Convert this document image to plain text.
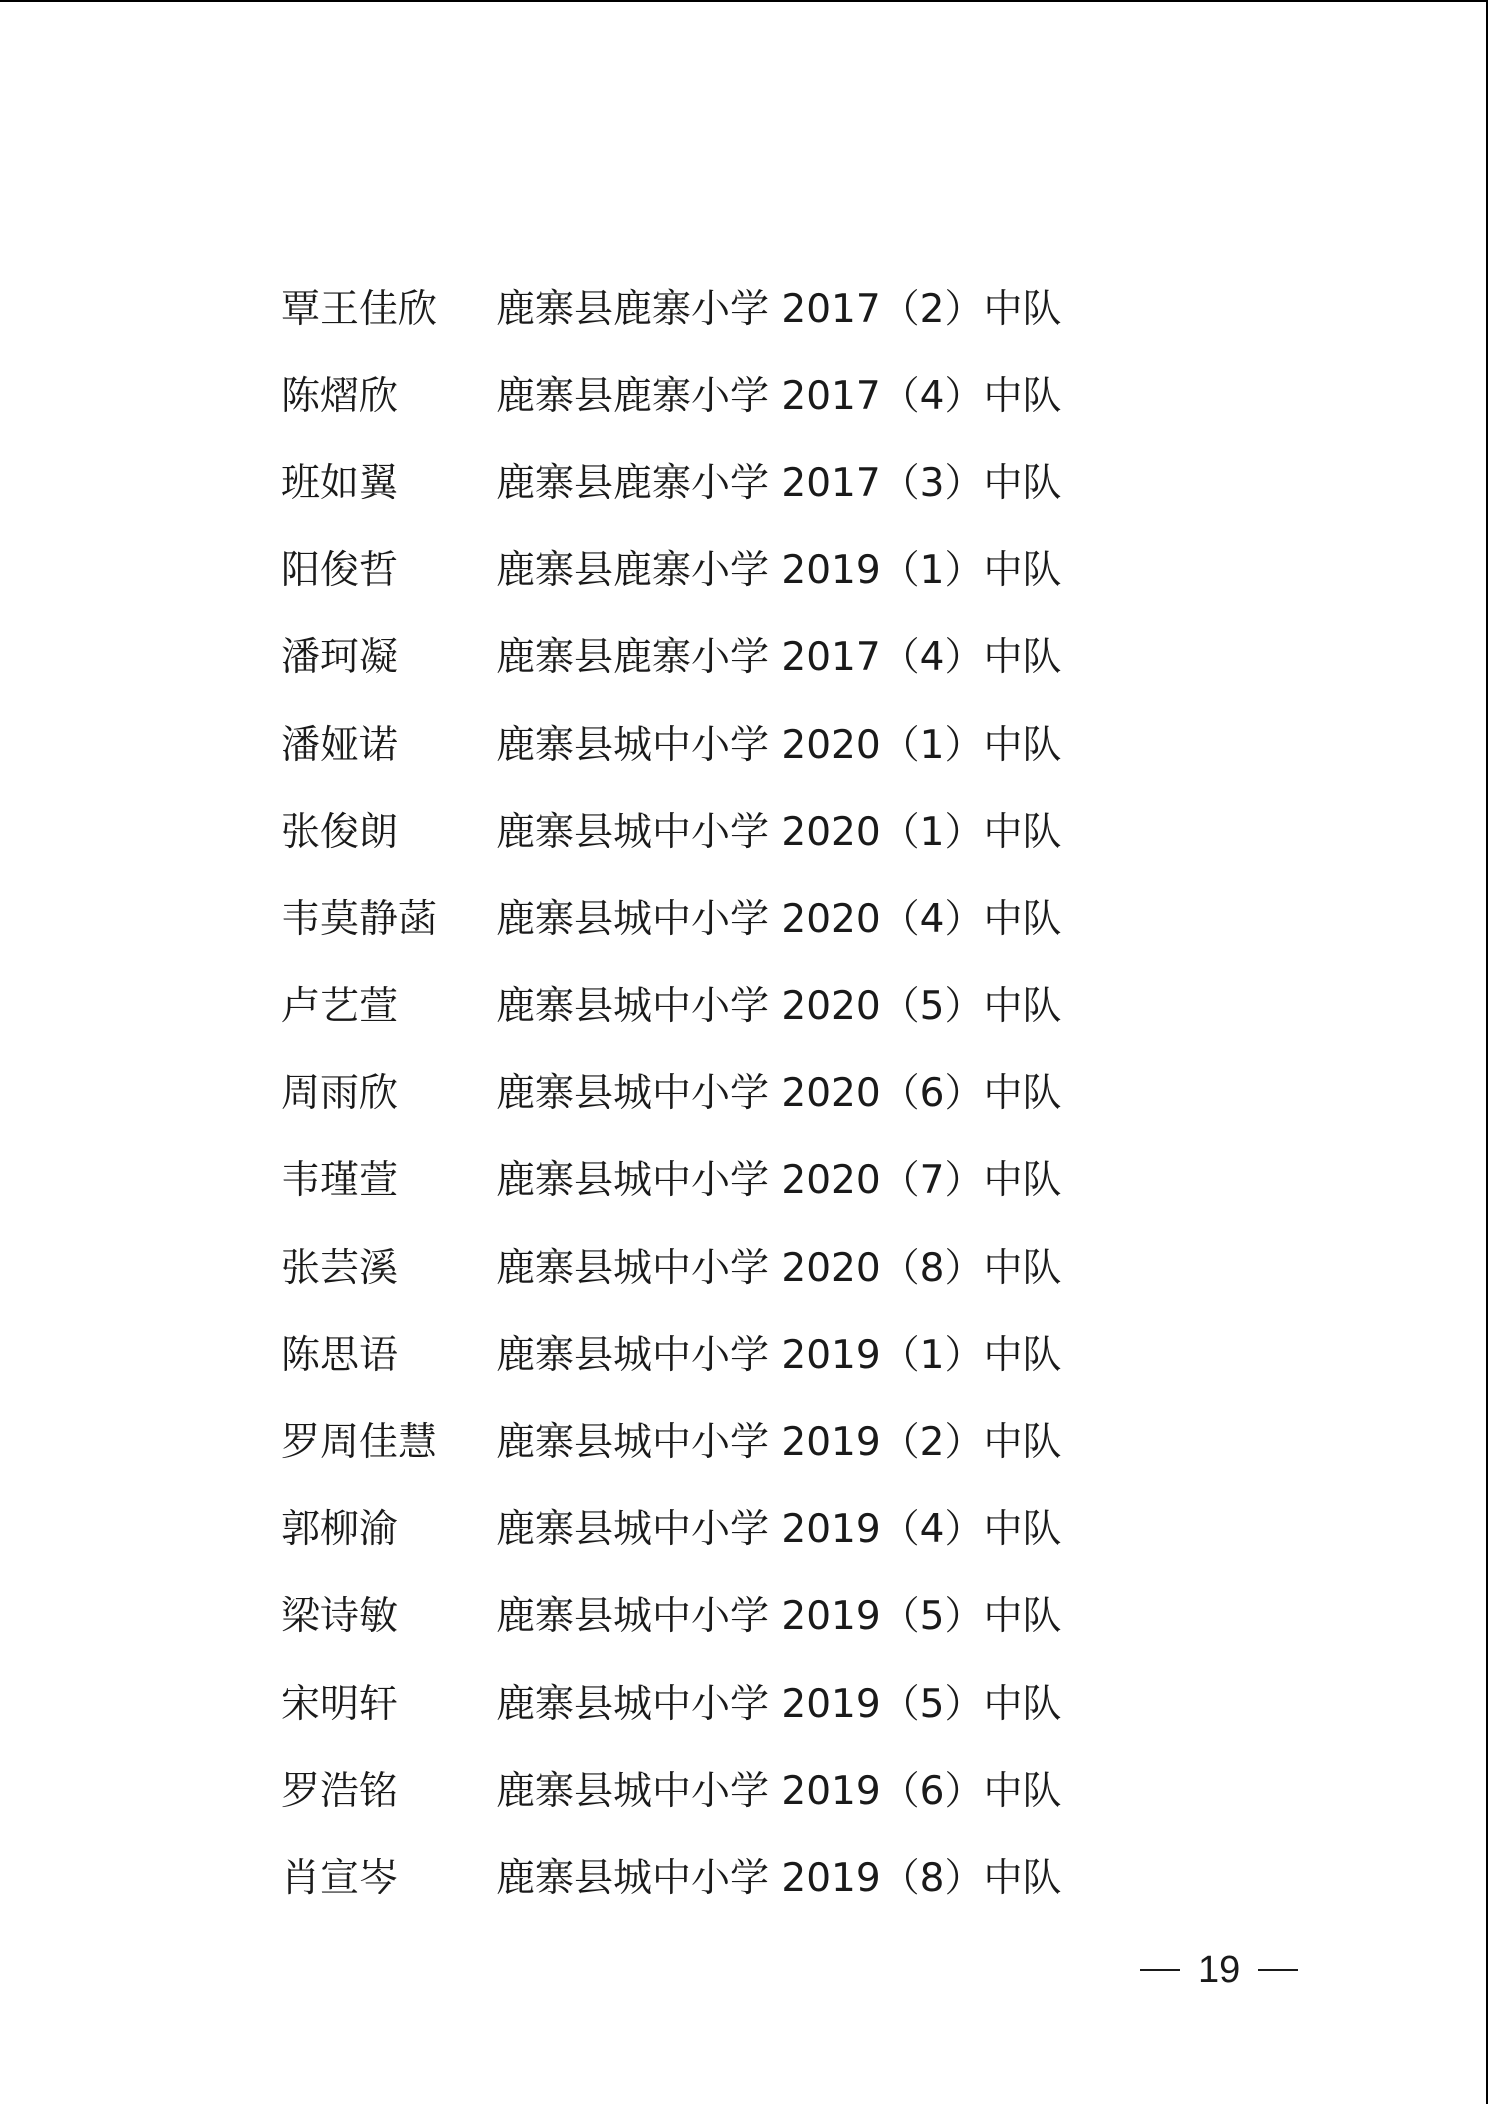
覃王佳欣	鹿寨县鹿寨小学 2017（2）中队
陈熠欣	鹿寨县鹿寨小学 2017（4）中队
班如翼	鹿寨县鹿寨小学 2017（3）中队
阳俊哲	鹿寨县鹿寨小学 2019（1）中队
潘珂凝	鹿寨县鹿寨小学 2017（4）中队
潘娅诺	鹿寨县城中小学 2020（1）中队
张俊朗	鹿寨县城中小学 2020（1）中队
韦莫静菡	鹿寨县城中小学 2020（4）中队
卢艺萱	鹿寨县城中小学 2020（5）中队
周雨欣	鹿寨县城中小学 2020（6）中队
韦瑾萱	鹿寨县城中小学 2020（7）中队
张芸溪	鹿寨县城中小学 2020（8）中队
陈思语	鹿寨县城中小学 2019（1）中队
罗周佳慧	鹿寨县城中小学 2019（2）中队
郭柳渝	鹿寨县城中小学 2019（4）中队
梁诗敏	鹿寨县城中小学 2019（5）中队
宋明轩	鹿寨县城中小学 2019（5）中队
罗浩铭	鹿寨县城中小学 2019（6）中队
肖宣岑	鹿寨县城中小学 2019（8）中队
19
